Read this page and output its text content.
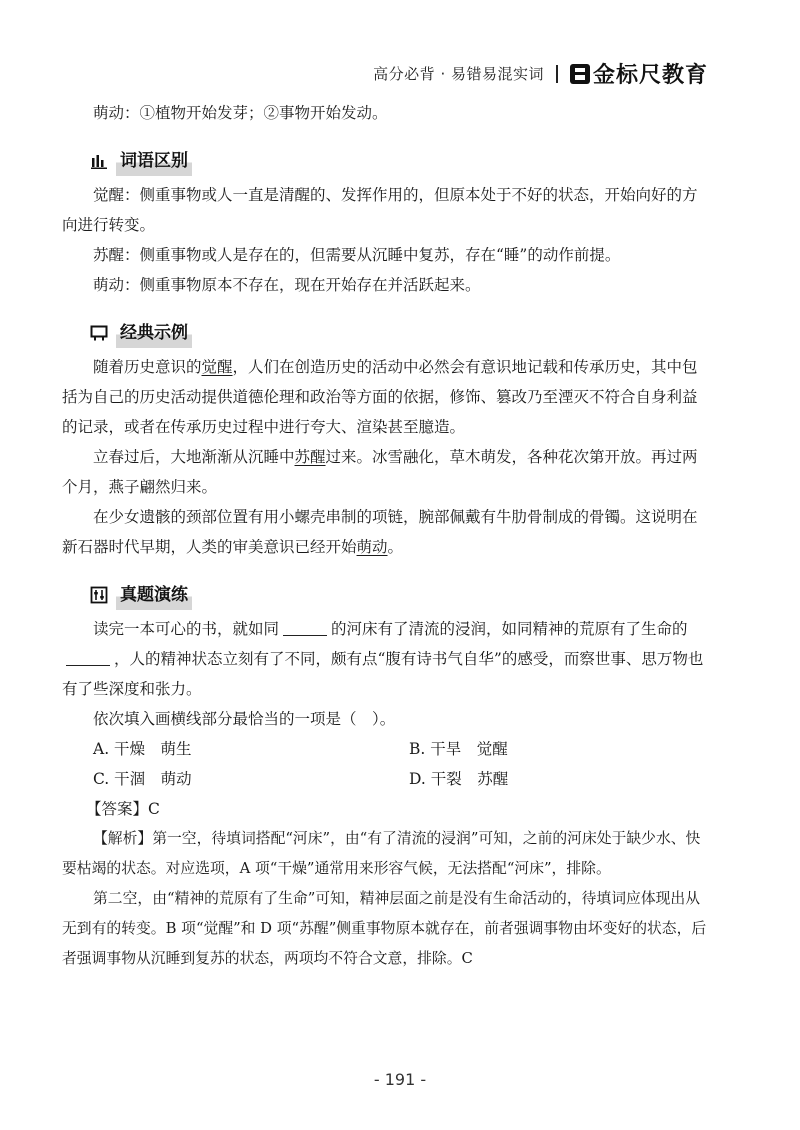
高分必背 · 易错易混实词 金标尺教育

萌动：①植物开始发芽；②事物开始发动。

词语区别

觉醒：侧重事物或人一直是清醒的、发挥作用的，但原本处于不好的状态，开始向好的方向进行转变。

苏醒：侧重事物或人是存在的，但需要从沉睡中复苏，存在“睡”的动作前提。

萌动：侧重事物原本不存在，现在开始存在并活跃起来。

经典示例

随着历史意识的觉醒，人们在创造历史的活动中必然会有意识地记载和传承历史，其中包括为自己的历史活动提供道德伦理和政治等方面的依据，修饰、篡改乃至湮灭不符合自身利益的记录，或者在传承历史过程中进行夸大、渲染甚至臆造。

立春过后，大地渐渐从沉睡中苏醒过来。冰雪融化，草木萌发，各种花次第开放。再过两个月，燕子翩然归来。

在少女遗骸的颈部位置有用小螺壳串制的项链，腕部佩戴有牛肋骨制成的骨镯。这说明在新石器时代早期，人类的审美意识已经开始萌动。

真题演练

读完一本可心的书，就如同	的河床有了清流的浸润，如同精神的荒原有了生命的，人的精神状态立刻有了不同，颇有点“腹有诗书气自华”的感受，而察世事、思万物也有了些深度和张力。

依次填入画横线部分最恰当的一项是（　）。

A. 干燥　萌生	B. 干旱　觉醒
C. 干涸　萌动	D. 干裂　苏醒

【答案】C

【解析】第一空，待填词搭配“河床”，由“有了清流的浸润”可知，之前的河床处于缺少水、快要枯竭的状态。对应选项，A 项“干燥”通常用来形容气候，无法搭配“河床”，排除。

第二空，由“精神的荒原有了生命”可知，精神层面之前是没有生命活动的，待填词应体现出从无到有的转变。B 项“觉醒”和 D 项“苏醒”侧重事物原本就存在，前者强调事物由坏变好的状态，后者强调事物从沉睡到复苏的状态，两项均不符合文意，排除。C

- 191 -
